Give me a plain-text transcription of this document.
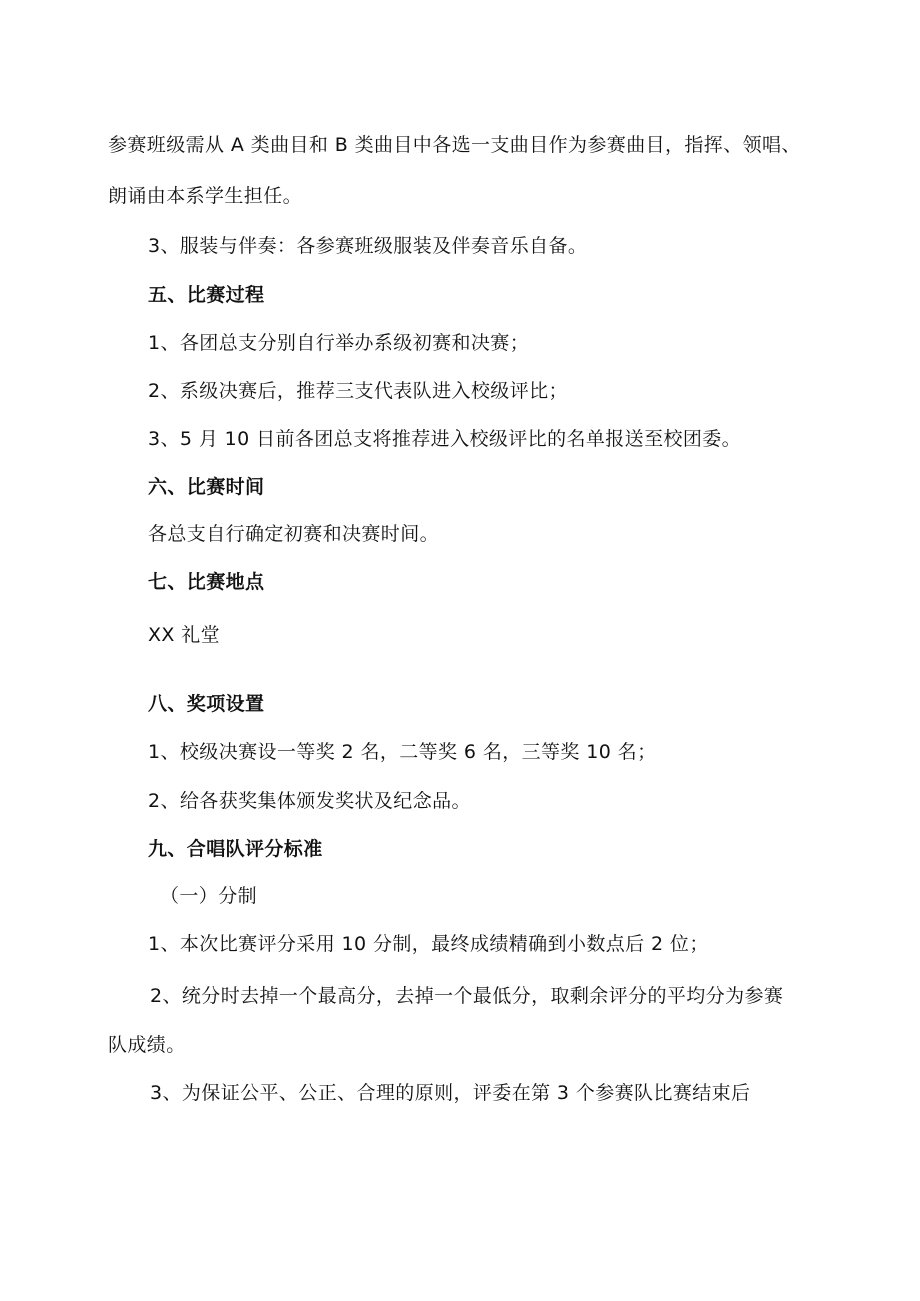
参赛班级需从 A 类曲目和 B 类曲目中各选一支曲目作为参赛曲目，指挥、领唱、
朗诵由本系学生担任。
3、服装与伴奏：各参赛班级服装及伴奏音乐自备。
五、比赛过程
1、各团总支分别自行举办系级初赛和决赛；
2、系级决赛后，推荐三支代表队进入校级评比；
3、5 月 10 日前各团总支将推荐进入校级评比的名单报送至校团委。
六、比赛时间
各总支自行确定初赛和决赛时间。
七、比赛地点
XX 礼堂
八、奖项设置
1、校级决赛设一等奖 2 名，二等奖 6 名，三等奖 10 名；
2、给各获奖集体颁发奖状及纪念品。
九、合唱队评分标准
（一）分制
1、本次比赛评分采用 10 分制，最终成绩精确到小数点后 2 位；
2、统分时去掉一个最高分，去掉一个最低分，取剩余评分的平均分为参赛
队成绩。
3、为保证公平、公正、合理的原则，评委在第 3 个参赛队比赛结束后
